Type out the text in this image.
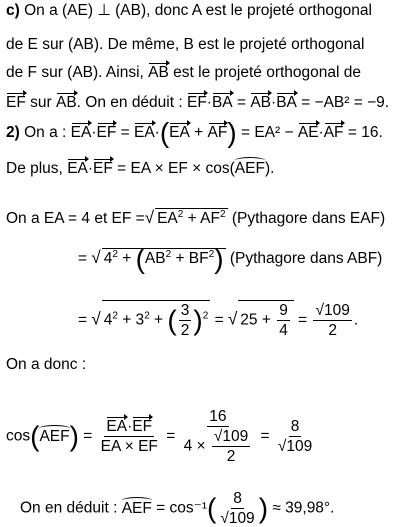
c) On a (AE) ⊥ (AB), donc A est le projeté orthogonal
de E sur (AB). De même, B est le projeté orthogonal
de F sur (AB). Ainsi, AB est le projeté orthogonal de
EF sur AB. On en déduit : EF·BA = AB·BA = −AB² = −9.
2) On a : EA·EF = EA·(EA + AF) = EA² − AE·AF = 16.
De plus, EA·EF = EA × EF × cos(AEF).
On a EA = 4 et EF =√ $EA^2 + AF^2$ (Pythagore dans EAF)
= √ $4^2 + (AB^2 + BF^2)$ (Pythagore dans ABF)
= √ $4^2 + 3^2$ + ( $\frac{3}{2} )^2$ = √ $25 + \frac{9}{4} = \frac{√109}{2}$ .
On a donc :
$\cos(AEF) = \frac{EA\cdot EF}{EA \times EF} = \frac{16}{4 \times \frac{√109}{2}} = \frac{8}{√109}$
On en déduit : AEF = $\cos^{-1}( \frac{8}{√109}$ ) ≈ 39,98°.
